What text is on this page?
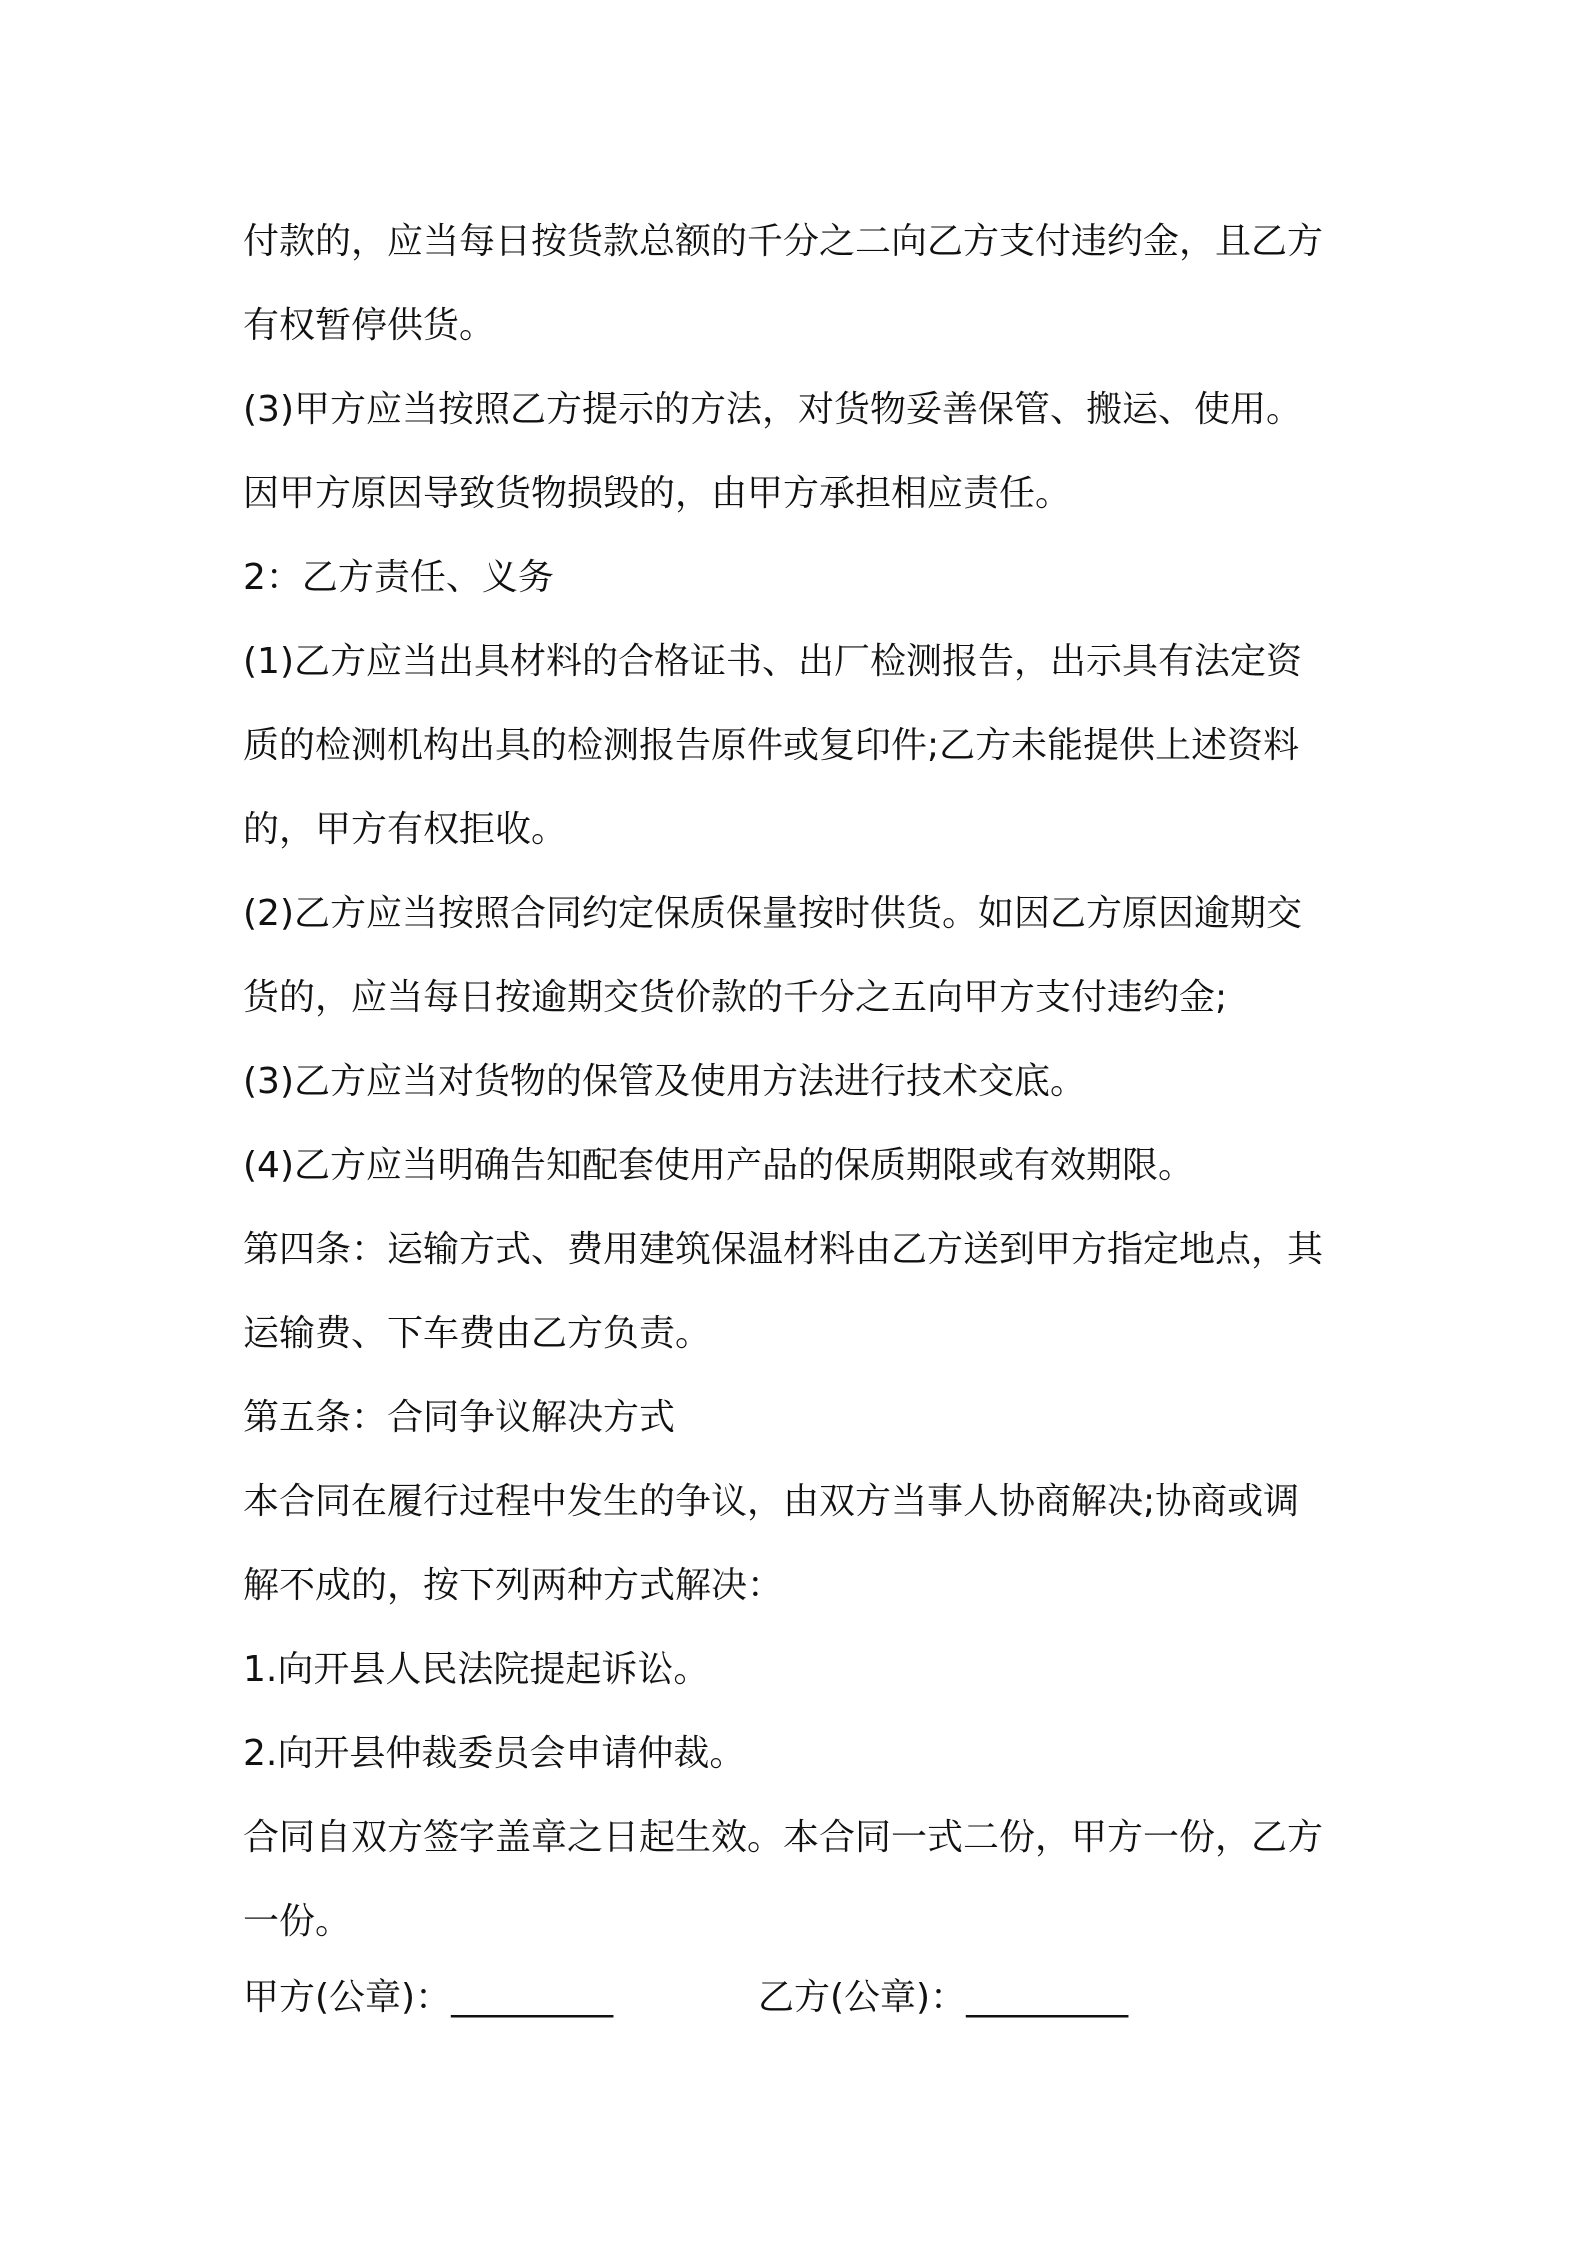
付款的，应当每日按货款总额的千分之二向乙方支付违约金，且乙方
有权暂停供货。
(3)甲方应当按照乙方提示的方法，对货物妥善保管、搬运、使用。
因甲方原因导致货物损毁的，由甲方承担相应责任。
2：乙方责任、义务
(1)乙方应当出具材料的合格证书、出厂检测报告，出示具有法定资
质的检测机构出具的检测报告原件或复印件;乙方未能提供上述资料
的，甲方有权拒收。
(2)乙方应当按照合同约定保质保量按时供货。如因乙方原因逾期交
货的，应当每日按逾期交货价款的千分之五向甲方支付违约金;
(3)乙方应当对货物的保管及使用方法进行技术交底。
(4)乙方应当明确告知配套使用产品的保质期限或有效期限。
第四条：运输方式、费用建筑保温材料由乙方送到甲方指定地点，其
运输费、下车费由乙方负责。
第五条：合同争议解决方式
本合同在履行过程中发生的争议，由双方当事人协商解决;协商或调
解不成的，按下列两种方式解决：
1.向开县人民法院提起诉讼。
2.向开县仲裁委员会申请仲裁。
合同自双方签字盖章之日起生效。本合同一式二份，甲方一份，乙方
一份。
甲方(公章)：_________	乙方(公章)：_________
